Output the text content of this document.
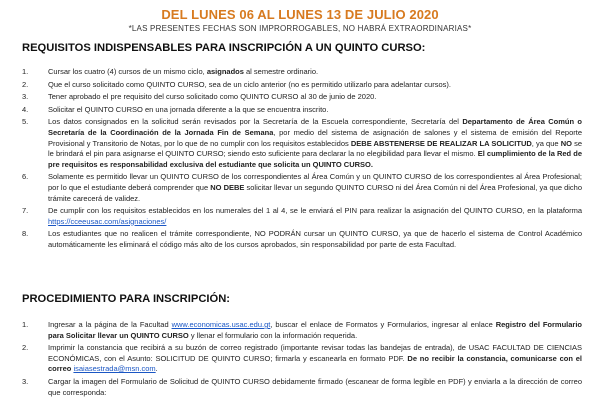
DEL LUNES 06 AL LUNES 13 DE JULIO 2020
*LAS PRESENTES FECHAS SON IMPRORROGABLES, NO HABRÁ EXTRAORDINARIAS*
REQUISITOS INDISPENSABLES PARA INSCRIPCIÓN A UN QUINTO CURSO:
1.	Cursar los cuatro (4) cursos de un mismo ciclo, asignados al semestre ordinario.
2.	Que el curso solicitado como QUINTO CURSO, sea de un ciclo anterior (no es permitido utilizarlo para adelantar cursos).
3.	Tener aprobado el pre requisito del curso solicitado como QUINTO CURSO al 30 de junio de 2020.
4.	Solicitar el QUINTO CURSO en una jornada diferente a la que se encuentra inscrito.
5.	Los datos consignados en la solicitud serán revisados por la Secretaría de la Escuela correspondiente, Secretaría del Departamento de Área Común o Secretaría de la Coordinación de la Jornada Fin de Semana, por medio del sistema de asignación de salones y el sistema de emisión del Reporte Provisional y Transitorio de Notas, por lo que de no cumplir con los requisitos establecidos DEBE ABSTENERSE DE REALIZAR LA SOLICITUD, ya que NO se le brindará el pin para asignarse el QUINTO CURSO; siendo esto suficiente para declarar la no elegibilidad para llevar el mismo. El cumplimiento de la Red de pre requisitos es responsabilidad exclusiva del estudiante que solicita un QUINTO CURSO.
6.	Solamente es permitido llevar un QUINTO CURSO de los correspondientes al Área Común y un QUINTO CURSO de los correspondientes al Área Profesional; por lo que el estudiante deberá comprender que NO DEBE solicitar llevar un segundo QUINTO CURSO ni del Área Común ni del Área Profesional, ya que dicho trámite carecerá de validez.
7.	De cumplir con los requisitos establecidos en los numerales del 1 al 4, se le enviará el PIN para realizar la asignación del QUINTO CURSO, en la plataforma https://cceeusac.com/asignaciones/
8.	Los estudiantes que no realicen el trámite correspondiente, NO PODRÁN cursar un QUINTO CURSO, ya que de hacerlo el sistema de Control Académico automáticamente les eliminará el código más alto de los cursos aprobados, sin responsabilidad por parte de esta Facultad.
PROCEDIMIENTO PARA INSCRIPCIÓN:
1.	Ingresar a la página de la Facultad www.economicas.usac.edu.gt, buscar el enlace de Formatos y Formularios, ingresar al enlace Registro del Formulario para Solicitar llevar un QUINTO CURSO y llenar el formulario con la información requerida.
2.	Imprimir la constancia que recibirá a su buzón de correo registrado (importante revisar todas las bandejas de entrada), de USAC FACULTAD DE CIENCIAS ECONÓMICAS, con el Asunto: SOLICITUD DE QUINTO CURSO; firmarla y escanearla en formato PDF. De no recibir la constancia, comunicarse con el correo isaiasestrada@msn.com.
3.	Cargar la imagen del Formulario de Solicitud de QUINTO CURSO debidamente firmado (escanear de forma legible en PDF) y enviarla a la dirección de correo que corresponda:
